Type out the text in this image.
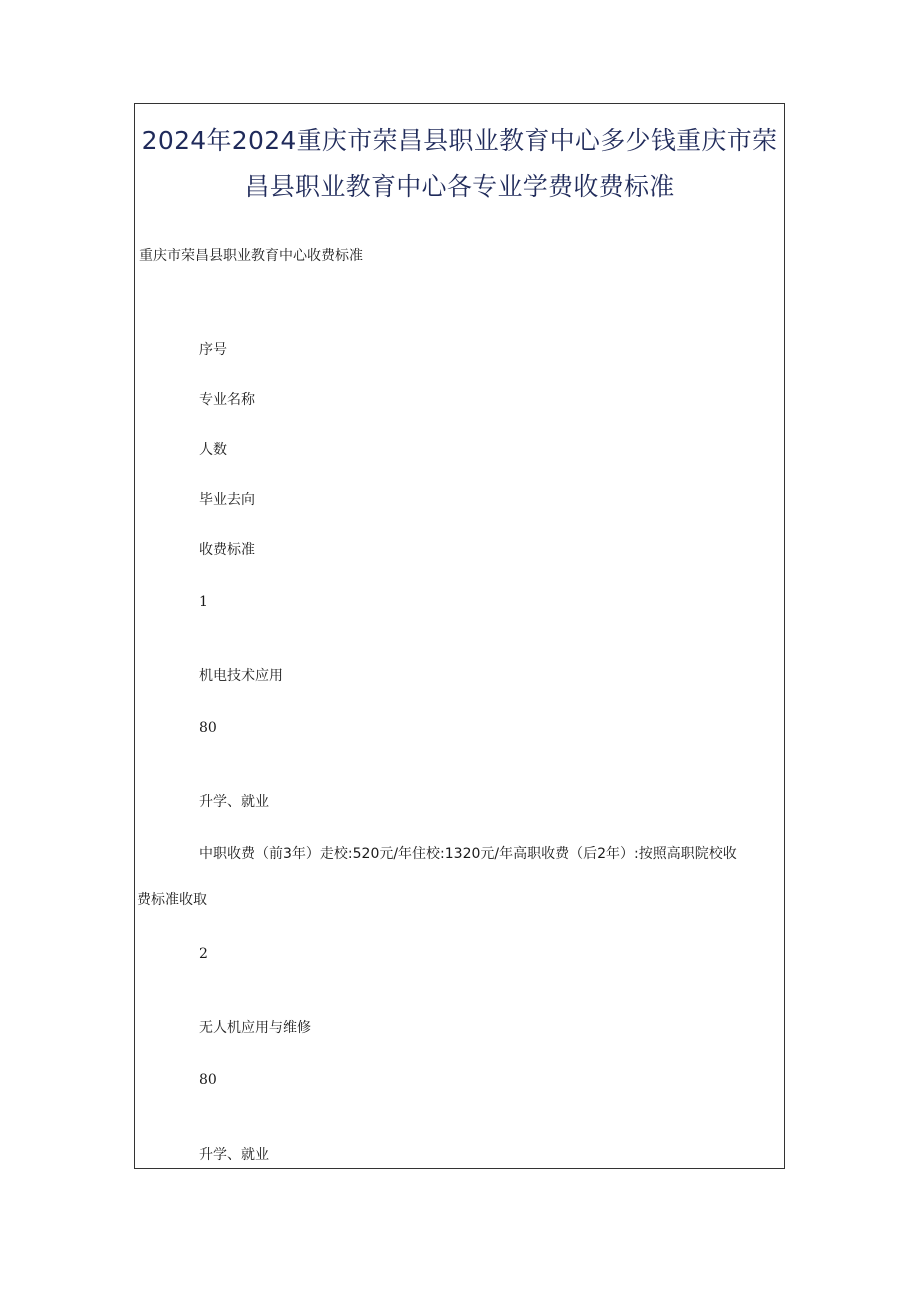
2024年2024重庆市荣昌县职业教育中心多少钱重庆市荣昌县职业教育中心各专业学费收费标准
重庆市荣昌县职业教育中心收费标准
序号
专业名称
人数
毕业去向
收费标准
1
机电技术应用
80
升学、就业
中职收费（前3年）走校:520元/年住校:1320元/年高职收费（后2年）:按照高职院校收
费标准收取
2
无人机应用与维修
80
升学、就业
